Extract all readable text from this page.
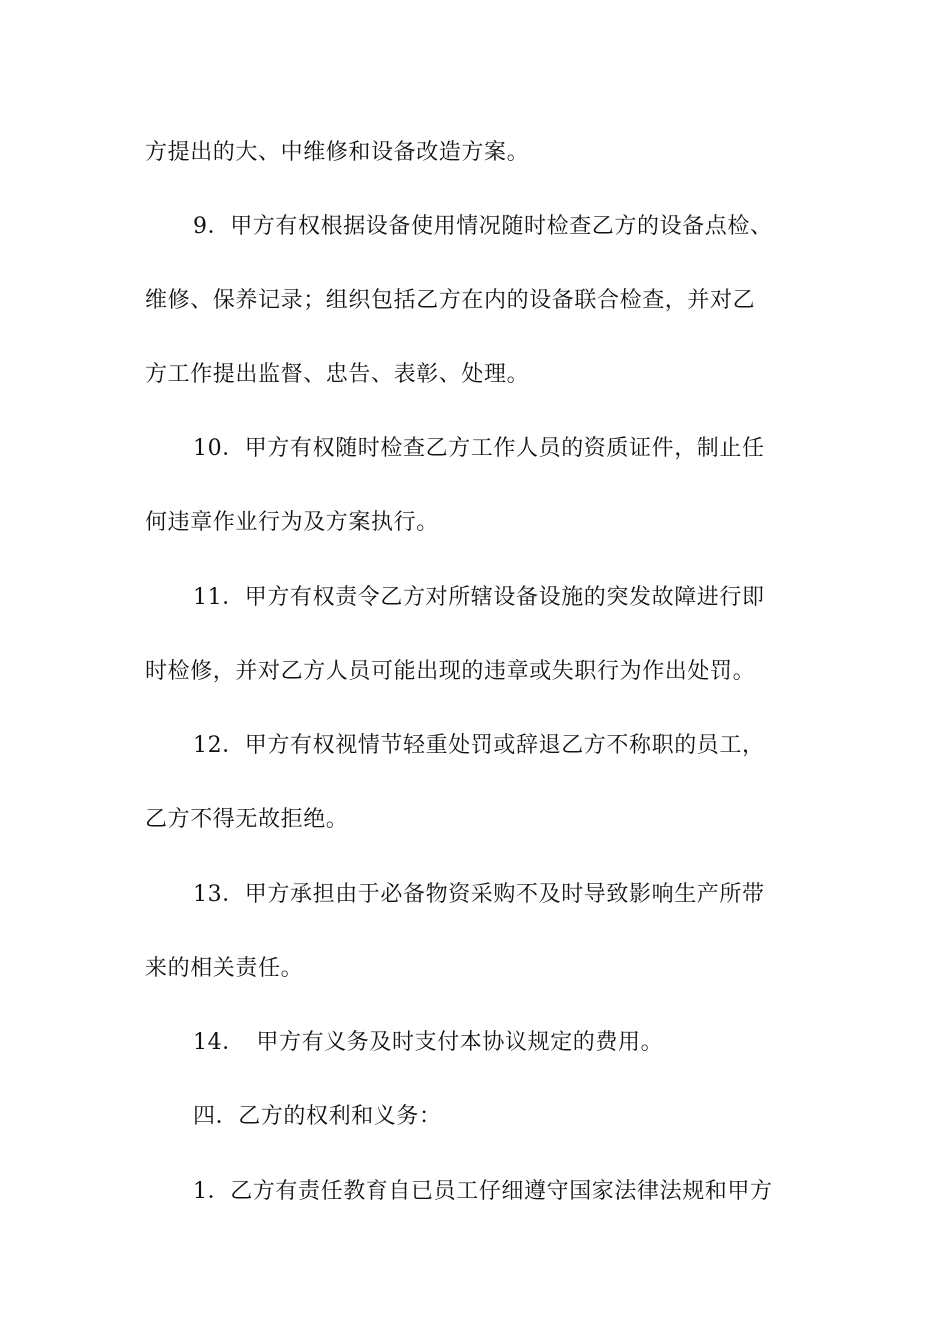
方提出的大、中维修和设备改造方案。
9．甲方有权根据设备使用情况随时检查乙方的设备点检、
维修、保养记录；组织包括乙方在内的设备联合检查，并对乙
方工作提出监督、忠告、表彰、处理。
10．甲方有权随时检查乙方工作人员的资质证件，制止任
何违章作业行为及方案执行。
11．甲方有权责令乙方对所辖设备设施的突发故障进行即
时检修，并对乙方人员可能出现的违章或失职行为作出处罚。
12．甲方有权视情节轻重处罚或辞退乙方不称职的员工，
乙方不得无故拒绝。
13．甲方承担由于必备物资采购不及时导致影响生产所带
来的相关责任。
14．　甲方有义务及时支付本协议规定的费用。
四．乙方的权利和义务：
1．乙方有责任教育自已员工仔细遵守国家法律法规和甲方
